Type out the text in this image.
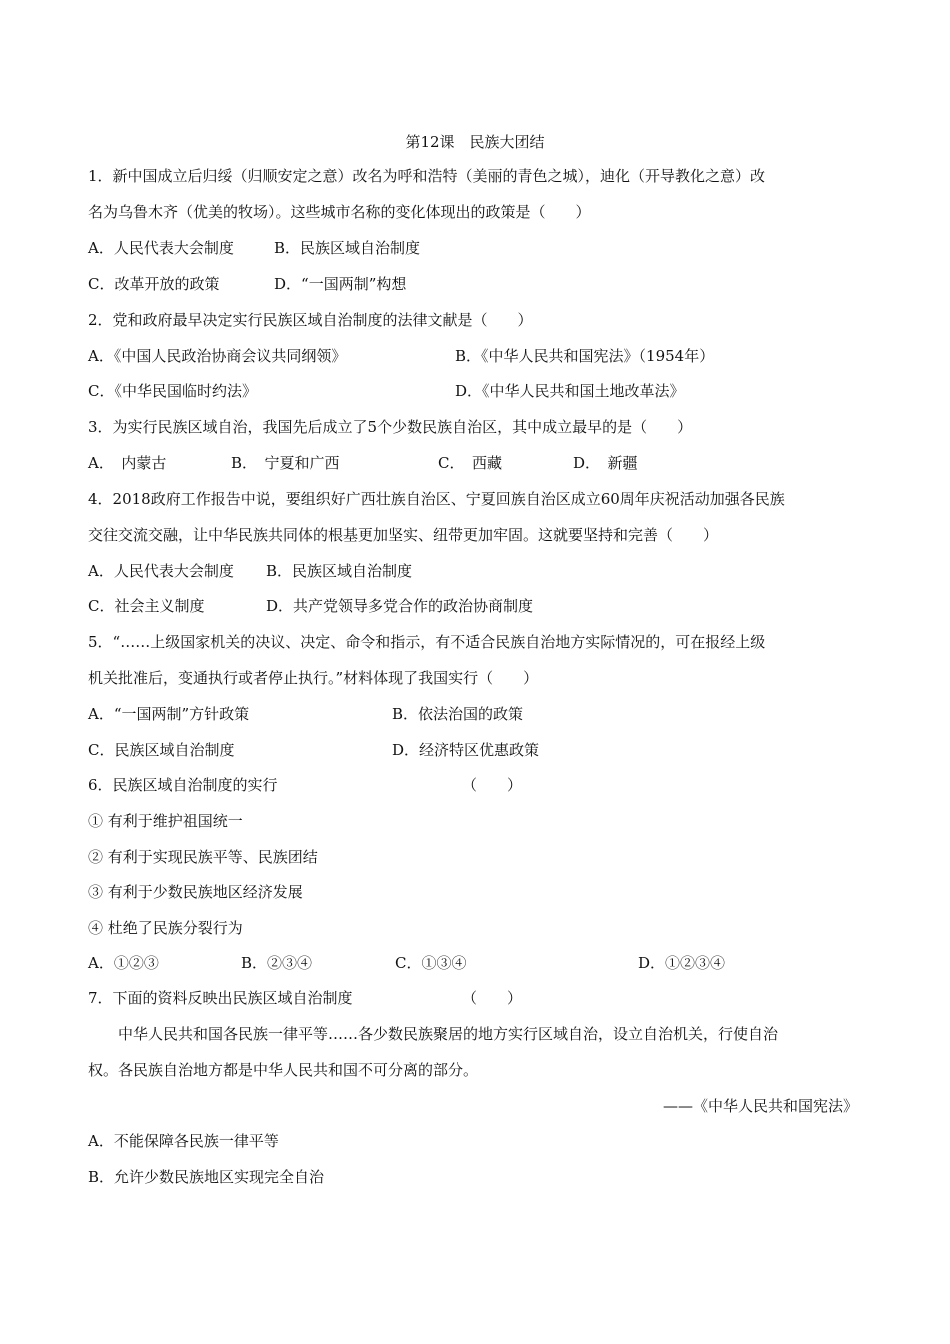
第12课　民族大团结
1．新中国成立后归绥（归顺安定之意）改名为呼和浩特（美丽的青色之城），迪化（开导教化之意）改
名为乌鲁木齐（优美的牧场）。这些城市名称的变化体现出的政策是（　　）
A．人民代表大会制度	B．民族区域自治制度
C．改革开放的政策	D．“一国两制”构想
2．党和政府最早决定实行民族区域自治制度的法律文献是（　　）
A．《中国人民政治协商会议共同纲领》	B．《中华人民共和国宪法》（1954年）
C．《中华民国临时约法》	D．《中华人民共和国土地改革法》
3．为实行民族区域自治，我国先后成立了5个少数民族自治区，其中成立最早的是（　　）
A．　内蒙古	B．　宁夏和广西	C．　西藏	D．　新疆
4．2018政府工作报告中说，要组织好广西壮族自治区、宁夏回族自治区成立60周年庆祝活动加强各民族
交往交流交融，让中华民族共同体的根基更加坚实、纽带更加牢固。这就要坚持和完善（　　）
A．人民代表大会制度 B．民族区域自治制度
C．社会主义制度	D．共产党领导多党合作的政治协商制度
5．“……上级国家机关的决议、决定、命令和指示，有不适合民族自治地方实际情况的，可在报经上级
机关批准后，变通执行或者停止执行。”材料体现了我国实行（　　）
A．“一国两制”方针政策	B．依法治国的政策
C．民族区域自治制度	D．经济特区优惠政策
6．民族区域自治制度的实行	（　　）
① 有利于维护祖国统一
② 有利于实现民族平等、民族团结
③ 有利于少数民族地区经济发展
④ 杜绝了民族分裂行为
A．①②③	B．②③④	C．①③④	D．①②③④
7．下面的资料反映出民族区域自治制度	（　　）
中华人民共和国各民族一律平等……各少数民族聚居的地方实行区域自治，设立自治机关，行使自治
权。各民族自治地方都是中华人民共和国不可分离的部分。
——《中华人民共和国宪法》
A．不能保障各民族一律平等
B．允许少数民族地区实现完全自治
